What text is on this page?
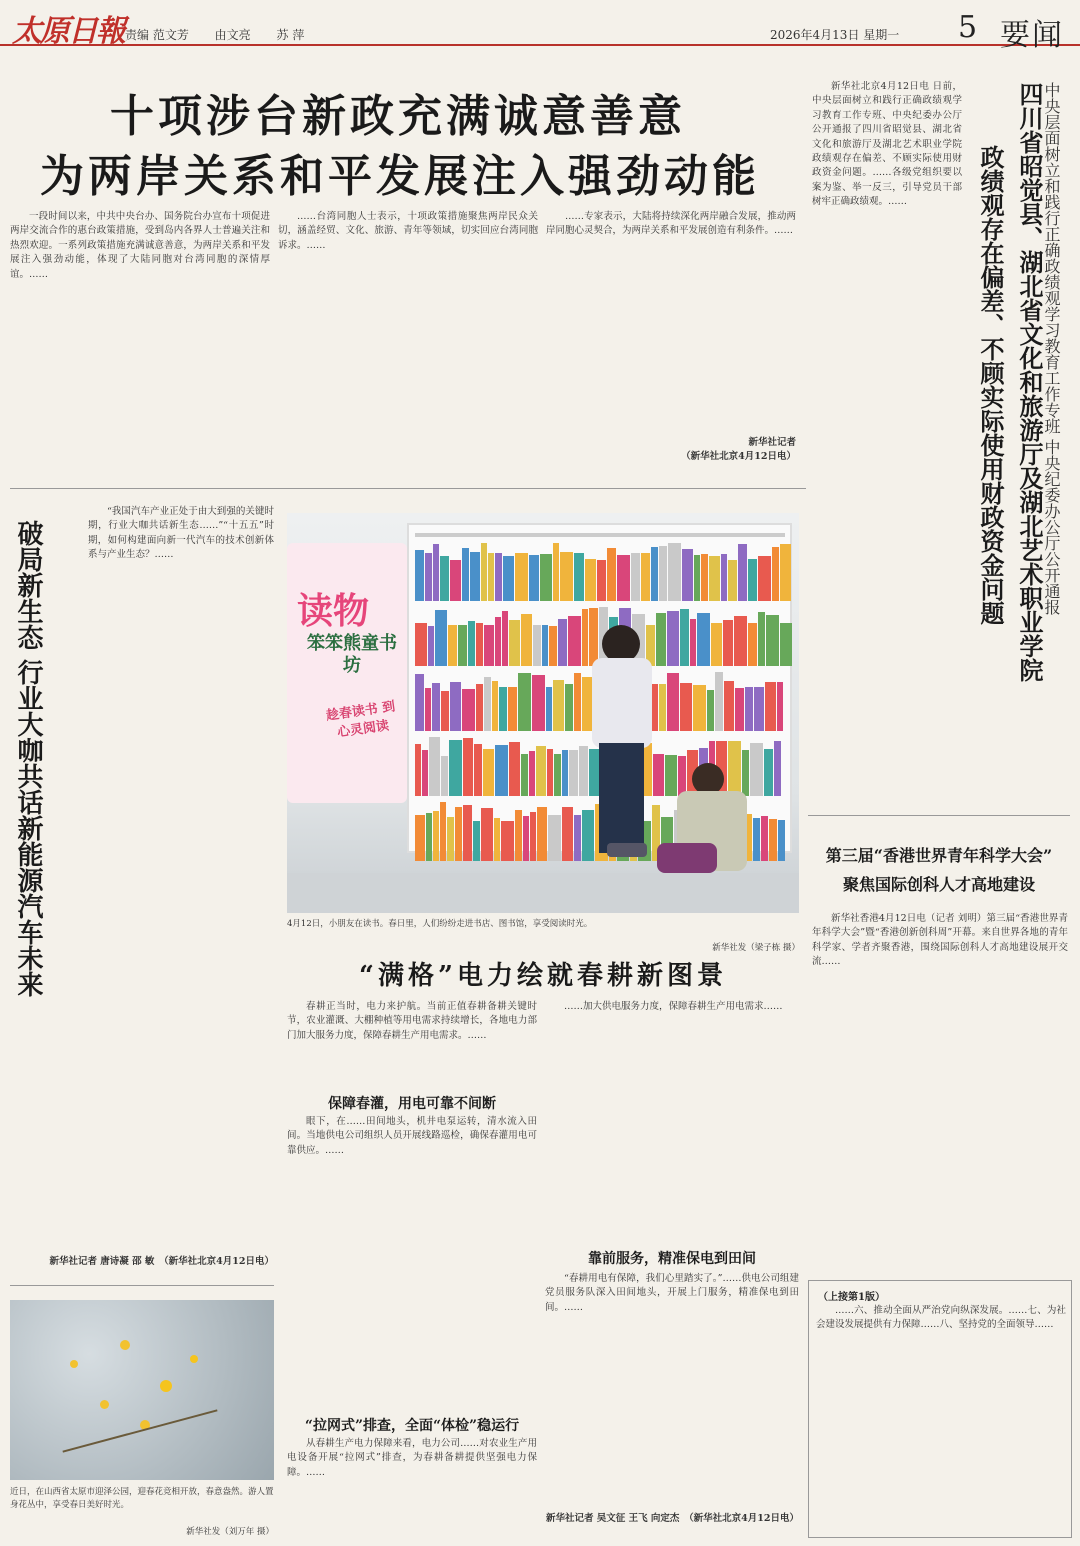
太原日報 责编 范文芳 由文亮 苏 萍	2026年4月13日 星期一 5 要闻
十项涉台新政充满诚意善意
为两岸关系和平发展注入强劲动能

一段时间以来，中共中央台办、国务院台办宣布十项促进两岸交流合作的惠台政策措施，受到岛内各界人士普遍关注和热烈欢迎。一系列政策措施充满诚意善意，为两岸关系和平发展注入强劲动能，体现了大陆同胞对台湾同胞的深情厚谊。……

……台湾同胞人士表示，十项政策措施聚焦两岸民众关切，涵盖经贸、文化、旅游、青年等领域，切实回应台湾同胞诉求。……

……专家表示，大陆将持续深化两岸融合发展，推动两岸同胞心灵契合，为两岸关系和平发展创造有利条件。……

新华社记者

（新华社北京4月12日电）	中央层面树立和践行正确政绩观学习教育工作专班 中央纪委办公厅公开通报
四川省昭觉县、湖北省文化和旅游厅及湖北艺术职业学院
政绩观存在偏差、不顾实际使用财政资金问题

新华社北京4月12日电 日前，中央层面树立和践行正确政绩观学习教育工作专班、中央纪委办公厅公开通报了四川省昭觉县、湖北省文化和旅游厅及湖北艺术职业学院政绩观存在偏差、不顾实际使用财政资金问题。……各级党组织要以案为鉴、举一反三，引导党员干部树牢正确政绩观。……

破局新生态 行业大咖共话新能源汽车未来

“我国汽车产业正处于由大到强的关键时期，行业大咖共话新生态……”“十五五”时期，如何构建面向新一代汽车的技术创新体系与产业生态？……

新华社记者 唐诗凝 邵 敏　 （新华社北京4月12日电）

读物
笨笨熊童书坊
趁春读书 到心灵阅读
4月12日，小朋友在读书。春日里，人们纷纷走进书店、图书馆，享受阅读时光。
新华社发（梁子栋 摄）
“满格”电力绘就春耕新图景

春耕正当时，电力来护航。当前正值春耕备耕关键时节，农业灌溉、大棚种植等用电需求持续增长，各地电力部门加大服务力度，保障春耕生产用电需求。……

保障春灌，用电可靠不间断

眼下，在……田间地头，机井电泵运转，清水流入田间。当地供电公司组织人员开展线路巡检，确保春灌用电可靠供应。……

“拉网式”排查，全面“体检”稳运行

从春耕生产电力保障来看，电力公司……对农业生产用电设备开展“拉网式”排查，为春耕备耕提供坚强电力保障。……

……加大供电服务力度，保障春耕生产用电需求……

靠前服务，精准保电到田间

“春耕用电有保障，我们心里踏实了。”……供电公司组建党员服务队深入田间地头，开展上门服务，精准保电到田间。……

新华社记者 吴文征 王飞 向定杰　 （新华社北京4月12日电）

第三届“香港世界青年科学大会”
聚焦国际创科人才高地建设

新华社香港4月12日电（记者 刘明）第三届“香港世界青年科学大会”暨“香港创新创科周”开幕。来自世界各地的青年科学家、学者齐聚香港，围绕国际创科人才高地建设展开交流……

（上接第1版）

……六、推动全面从严治党向纵深发展。……七、为社会建设发展提供有力保障……八、坚持党的全面领导……

近日，在山西省太原市迎泽公园，迎春花竞相开放，春意盎然。游人置身花丛中，享受春日美好时光。
新华社发（刘万年 摄）
